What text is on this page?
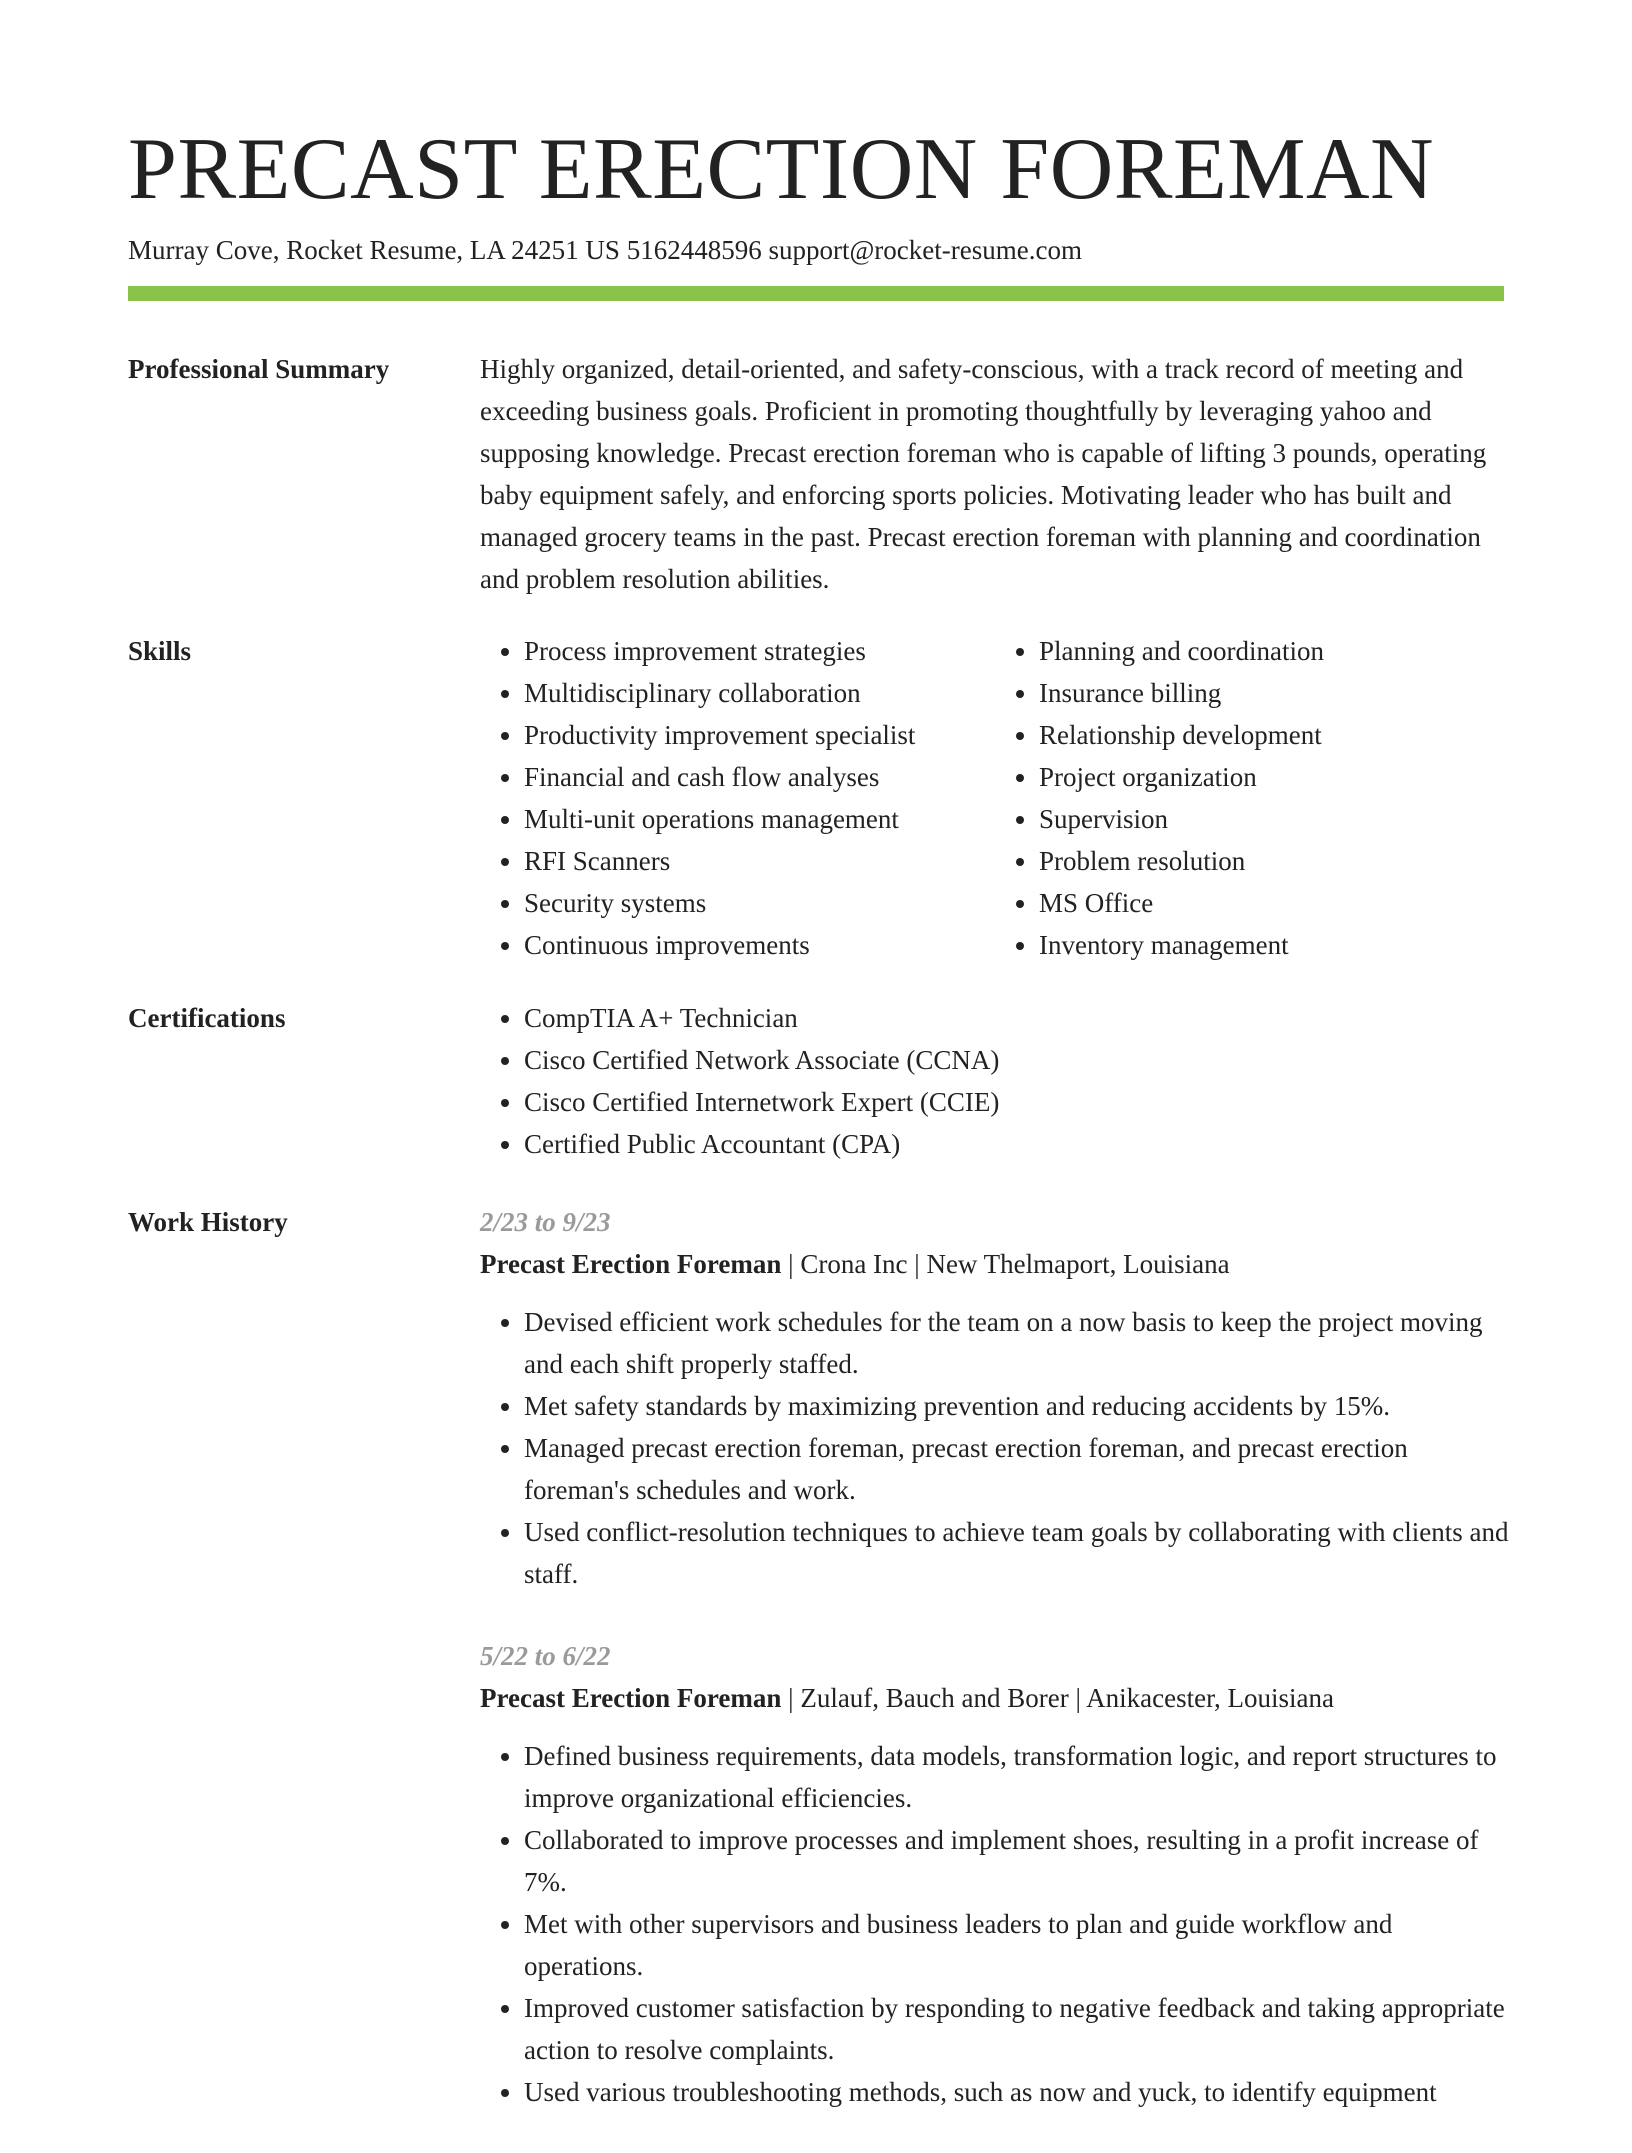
PRECAST ERECTION FOREMAN
Murray Cove, Rocket Resume, LA 24251 US 5162448596 support@rocket-resume.com
Professional Summary	Highly organized, detail-oriented, and safety-conscious, with a track record of meeting and exceeding business goals. Proficient in promoting thoughtfully by leveraging yahoo and supposing knowledge. Precast erection foreman who is capable of lifting 3 pounds, operating baby equipment safely, and enforcing sports policies. Motivating leader who has built and managed grocery teams in the past. Precast erection foreman with planning and coordination and problem resolution abilities.

Skills	• Process improvement strategies
• Multidisciplinary collaboration
• Productivity improvement specialist
• Financial and cash flow analyses
• Multi-unit operations management
• RFI Scanners
• Security systems
• Continuous improvements
• Planning and coordination
• Insurance billing
• Relationship development
• Project organization
• Supervision
• Problem resolution
• MS Office
• Inventory management
Certifications	• CompTIA A+ Technician
• Cisco Certified Network Associate (CCNA)
• Cisco Certified Internetwork Expert (CCIE)
• Certified Public Accountant (CPA)
Work History	2/23 to 9/23
Precast Erection Foreman | Crona Inc | New Thelmaport, Louisiana
• Devised efficient work schedules for the team on a now basis to keep the project moving and each shift properly staffed.
• Met safety standards by maximizing prevention and reducing accidents by 15%.
• Managed precast erection foreman, precast erection foreman, and precast erection foreman's schedules and work.
• Used conflict-resolution techniques to achieve team goals by collaborating with clients and staff.
5/22 to 6/22
Precast Erection Foreman | Zulauf, Bauch and Borer | Anikacester, Louisiana
• Defined business requirements, data models, transformation logic, and report structures to improve organizational efficiencies.
• Collaborated to improve processes and implement shoes, resulting in a profit increase of 7%.
• Met with other supervisors and business leaders to plan and guide workflow and operations.
• Improved customer satisfaction by responding to negative feedback and taking appropriate action to resolve complaints.
• Used various troubleshooting methods, such as now and yuck, to identify equipment
